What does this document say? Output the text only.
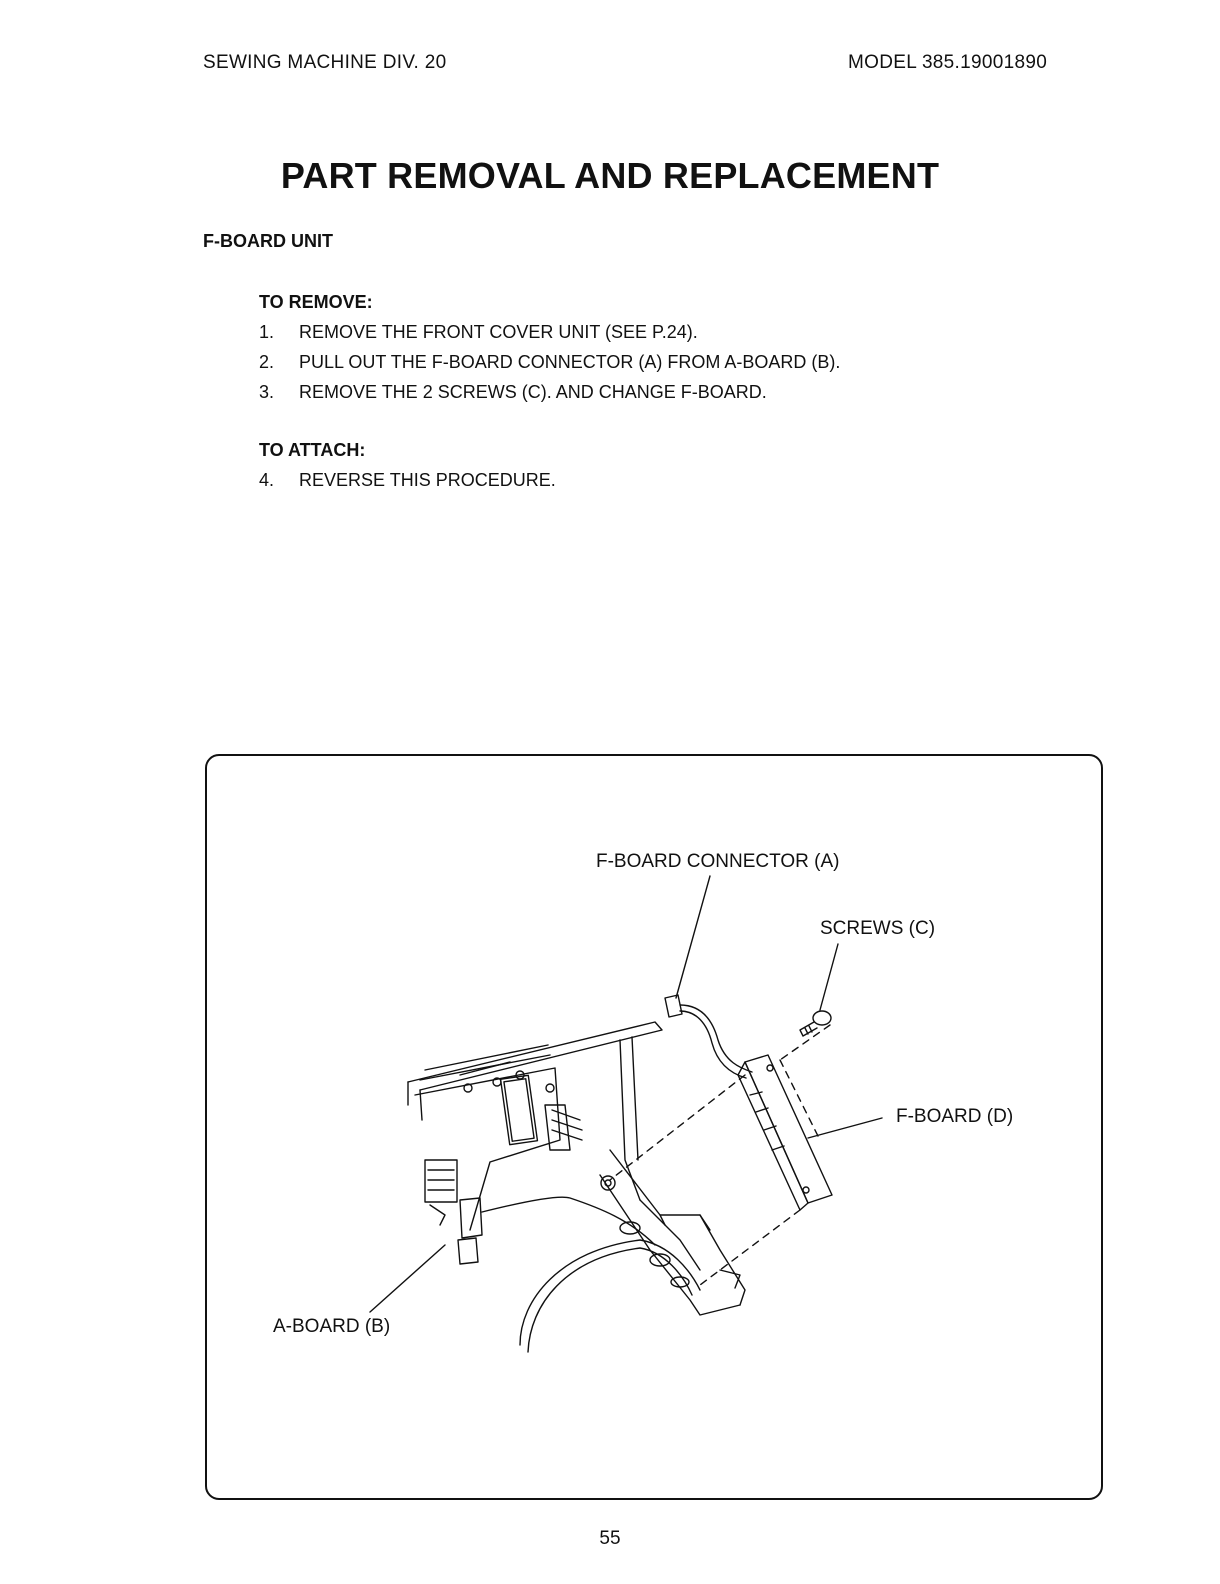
SEWING MACHINE DIV. 20	MODEL 385.19001890
PART REMOVAL AND REPLACEMENT
F-BOARD UNIT
TO REMOVE:
1. REMOVE THE FRONT COVER UNIT (SEE P.24).
2. PULL OUT THE F-BOARD CONNECTOR (A) FROM A-BOARD (B).
3. REMOVE THE 2 SCREWS (C). AND CHANGE F-BOARD.
TO ATTACH:
4. REVERSE THIS PROCEDURE.
F-BOARD CONNECTOR (A)
SCREWS (C)
F-BOARD (D)
A-BOARD (B)
55
